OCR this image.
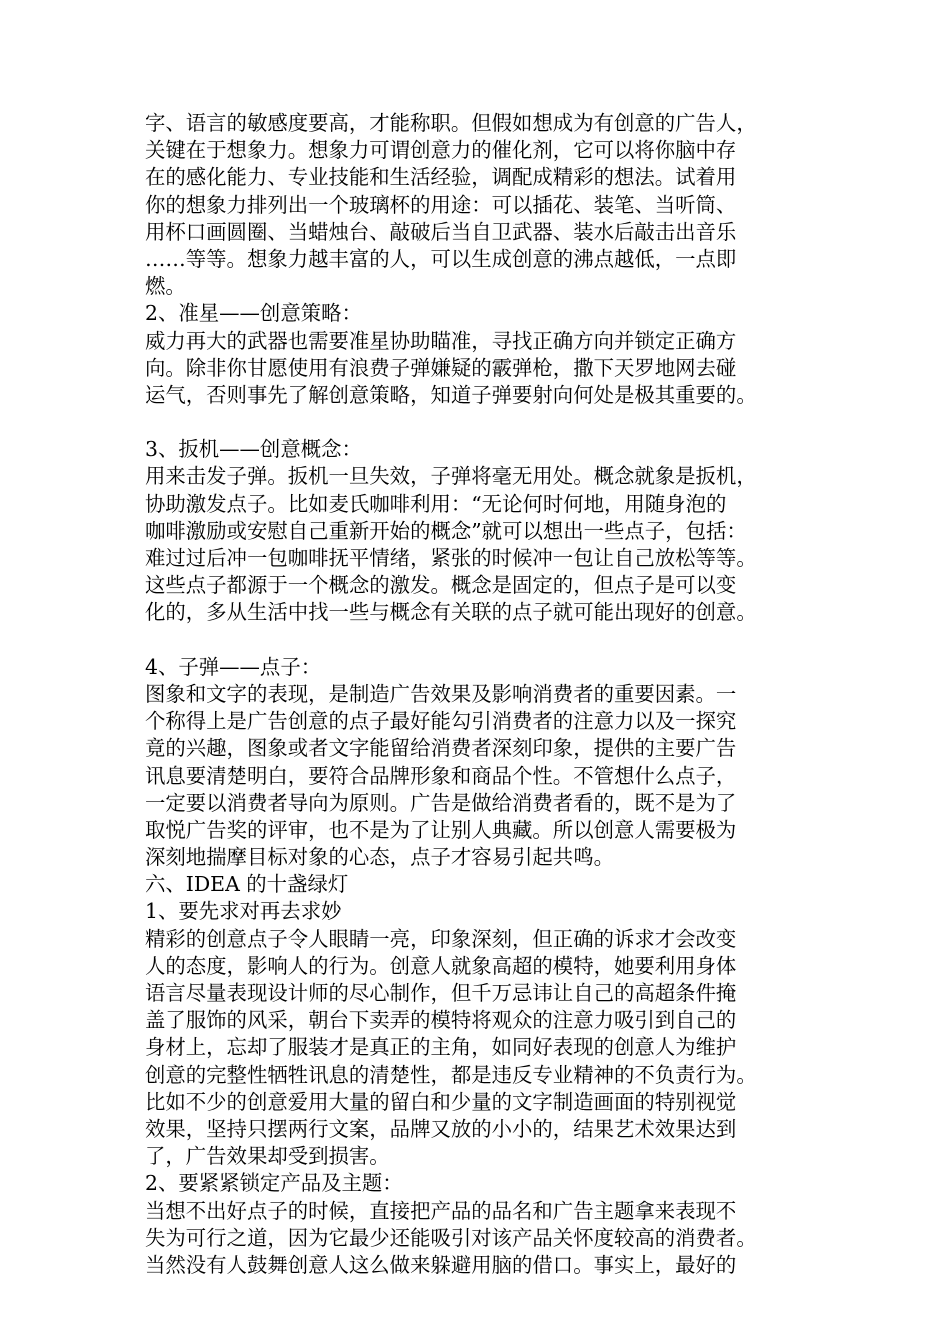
字、语言的敏感度要高，才能称职。但假如想成为有创意的广告人，
关键在于想象力。想象力可谓创意力的催化剂，它可以将你脑中存
在的感化能力、专业技能和生活经验，调配成精彩的想法。试着用
你的想象力排列出一个玻璃杯的用途：可以插花、装笔、当听筒、
用杯口画圆圈、当蜡烛台、敲破后当自卫武器、装水后敲击出音乐
……等等。想象力越丰富的人，可以生成创意的沸点越低，一点即
燃。
2、准星——创意策略：
威力再大的武器也需要准星协助瞄准，寻找正确方向并锁定正确方
向。除非你甘愿使用有浪费子弹嫌疑的霰弹枪，撒下天罗地网去碰
运气，否则事先了解创意策略，知道子弹要射向何处是极其重要的。
3、扳机——创意概念：
用来击发子弹。扳机一旦失效，子弹将毫无用处。概念就象是扳机，
协助激发点子。比如麦氏咖啡利用：“无论何时何地，用随身泡的
咖啡激励或安慰自己重新开始的概念”就可以想出一些点子，包括：
难过过后冲一包咖啡抚平情绪，紧张的时候冲一包让自己放松等等。
这些点子都源于一个概念的激发。概念是固定的，但点子是可以变
化的，多从生活中找一些与概念有关联的点子就可能出现好的创意。
4、子弹——点子：
图象和文字的表现，是制造广告效果及影响消费者的重要因素。一
个称得上是广告创意的点子最好能勾引消费者的注意力以及一探究
竟的兴趣，图象或者文字能留给消费者深刻印象，提供的主要广告
讯息要清楚明白，要符合品牌形象和商品个性。不管想什么点子，
一定要以消费者导向为原则。广告是做给消费者看的，既不是为了
取悦广告奖的评审，也不是为了让别人典藏。所以创意人需要极为
深刻地揣摩目标对象的心态，点子才容易引起共鸣。
六、IDEA 的十盏绿灯
1、要先求对再去求妙
精彩的创意点子令人眼睛一亮，印象深刻，但正确的诉求才会改变
人的态度，影响人的行为。创意人就象高超的模特，她要利用身体
语言尽量表现设计师的尽心制作，但千万忌讳让自己的高超条件掩
盖了服饰的风采，朝台下卖弄的模特将观众的注意力吸引到自己的
身材上，忘却了服装才是真正的主角，如同好表现的创意人为维护
创意的完整性牺牲讯息的清楚性，都是违反专业精神的不负责行为。
比如不少的创意爱用大量的留白和少量的文字制造画面的特别视觉
效果，坚持只摆两行文案，品牌又放的小小的，结果艺术效果达到
了，广告效果却受到损害。
2、要紧紧锁定产品及主题：
当想不出好点子的时候，直接把产品的品名和广告主题拿来表现不
失为可行之道，因为它最少还能吸引对该产品关怀度较高的消费者。
当然没有人鼓舞创意人这么做来躲避用脑的借口。事实上，最好的
